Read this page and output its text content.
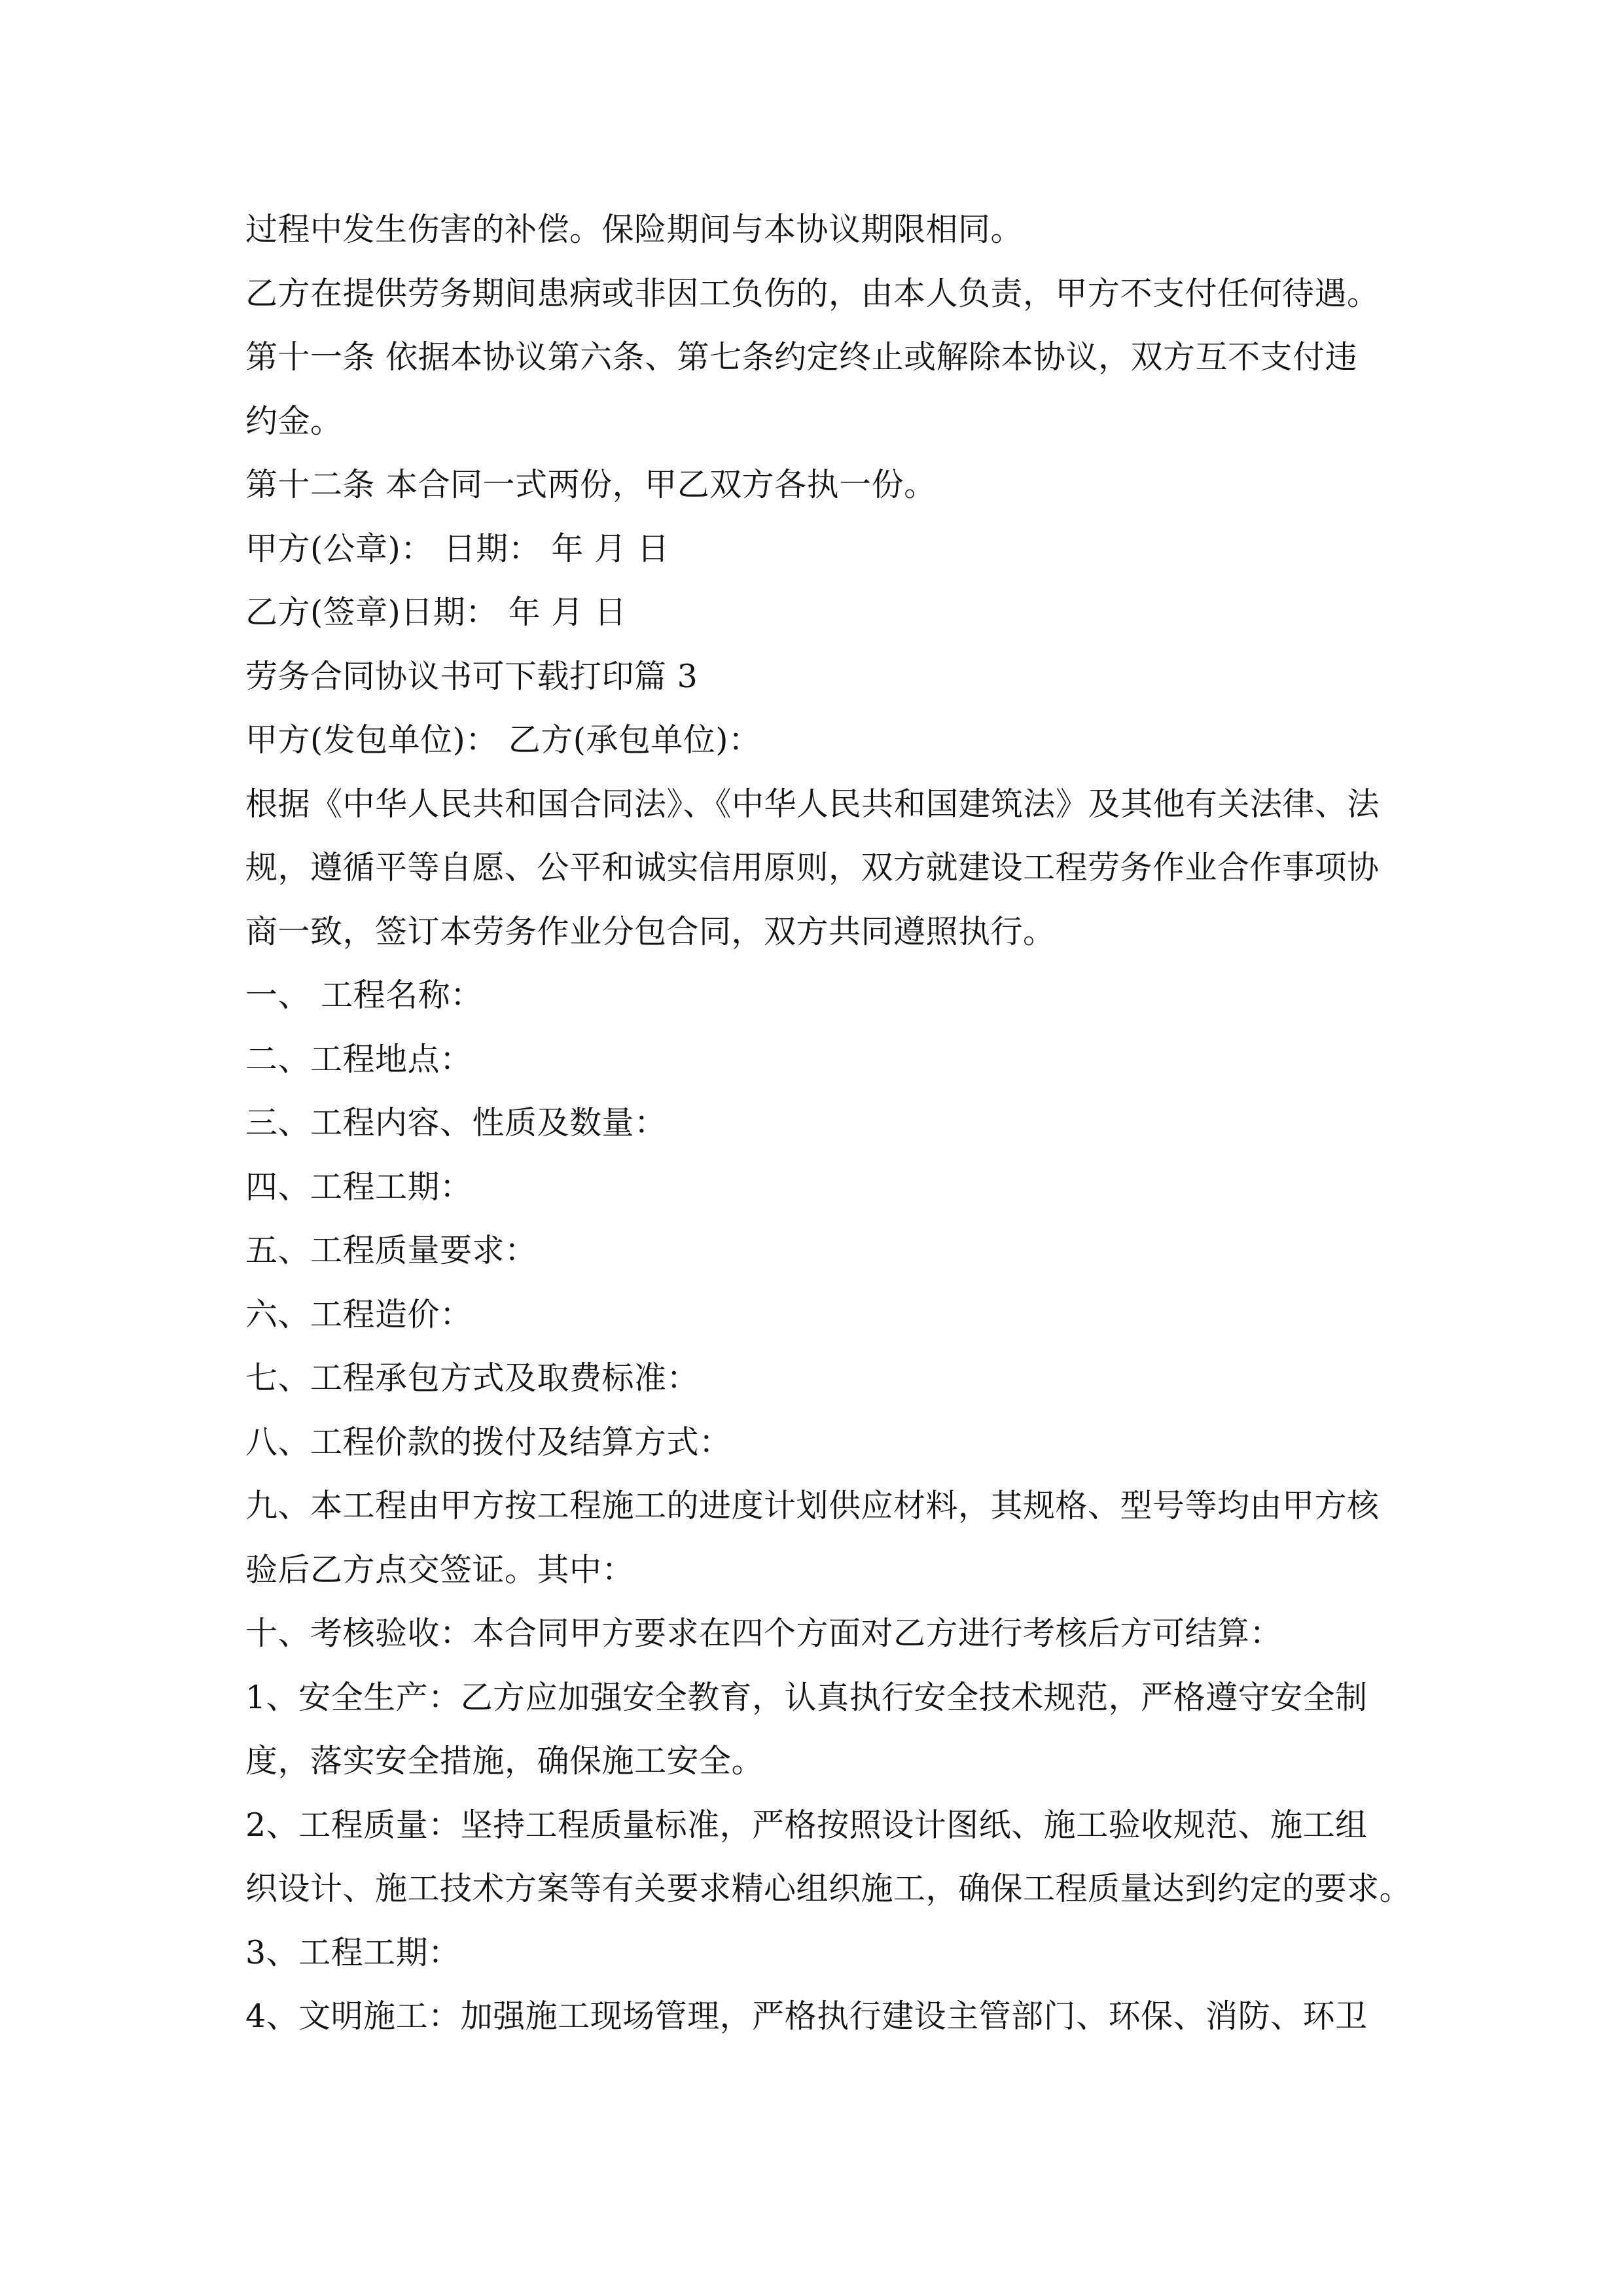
过程中发生伤害的补偿。保险期间与本协议期限相同。
乙方在提供劳务期间患病或非因工负伤的，由本人负责，甲方不支付任何待遇。
第十一条 依据本协议第六条、第七条约定终止或解除本协议，双方互不支付违
约金。
第十二条 本合同一式两份，甲乙双方各执一份。
甲方(公章)： 日期： 年 月 日
乙方(签章)日期： 年 月 日
劳务合同协议书可下载打印篇 3
甲方(发包单位)： 乙方(承包单位)：
根据《中华人民共和国合同法》、《中华人民共和国建筑法》及其他有关法律、法
规，遵循平等自愿、公平和诚实信用原则，双方就建设工程劳务作业合作事项协
商一致，签订本劳务作业分包合同，双方共同遵照执行。
一、 工程名称：
二、工程地点：
三、工程内容、性质及数量：
四、工程工期：
五、工程质量要求：
六、工程造价：
七、工程承包方式及取费标准：
八、工程价款的拨付及结算方式：
九、本工程由甲方按工程施工的进度计划供应材料，其规格、型号等均由甲方核
验后乙方点交签证。其中：
十、考核验收：本合同甲方要求在四个方面对乙方进行考核后方可结算：
1、安全生产：乙方应加强安全教育，认真执行安全技术规范，严格遵守安全制
度，落实安全措施，确保施工安全。
2、工程质量：坚持工程质量标准，严格按照设计图纸、施工验收规范、施工组
织设计、施工技术方案等有关要求精心组织施工，确保工程质量达到约定的要求。
3、工程工期：
4、文明施工：加强施工现场管理，严格执行建设主管部门、环保、消防、环卫
